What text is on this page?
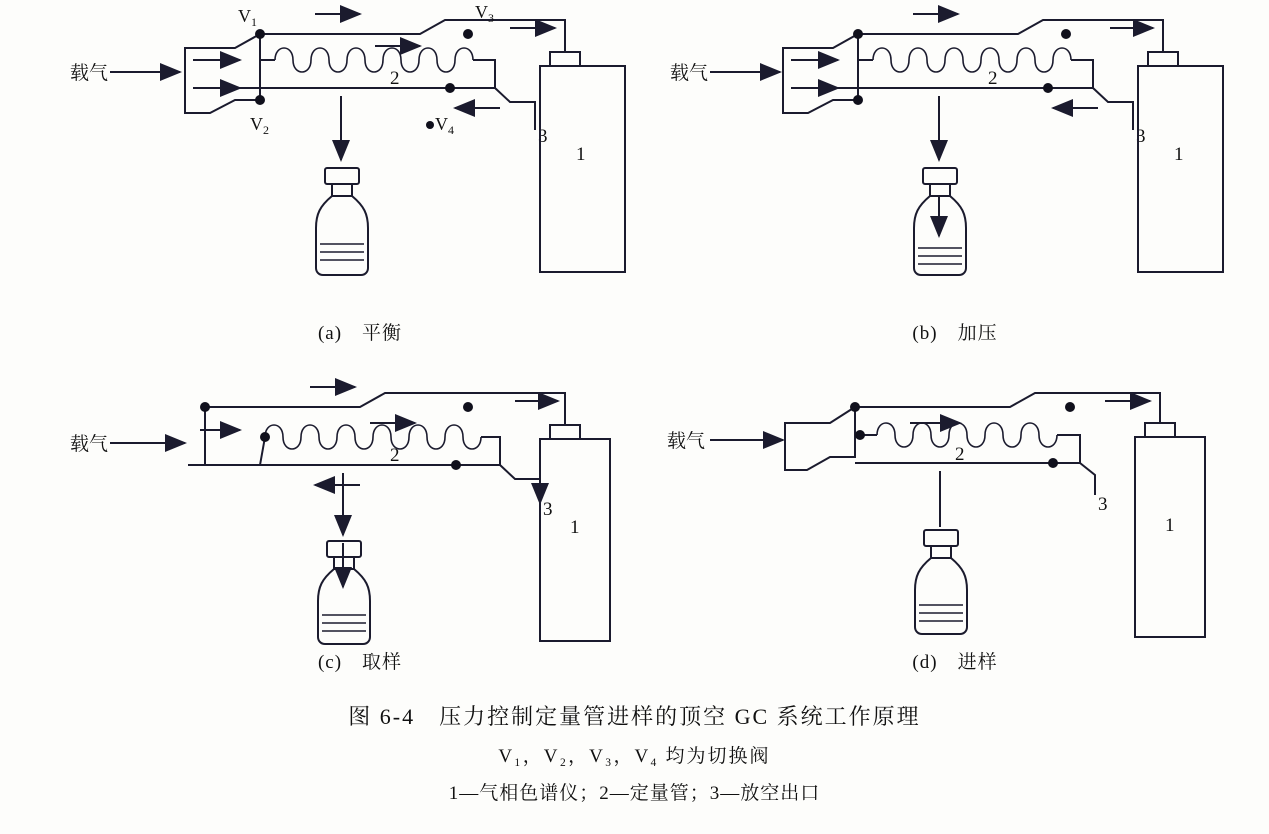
载气	2
3
$V_1$
$V_2$
$V_3$
$V_4$
1
(a)　平衡
载气	2
3
1
(b)　加压
载气
2
3
1
(c)　取样
载气
2
3
1
(d)　进样
图 6-4　压力控制定量管进样的顶空 GC 系统工作原理
V₁，V₂，V₃，V₄ 均为切换阀
1—气相色谱仪；2—定量管；3—放空出口
